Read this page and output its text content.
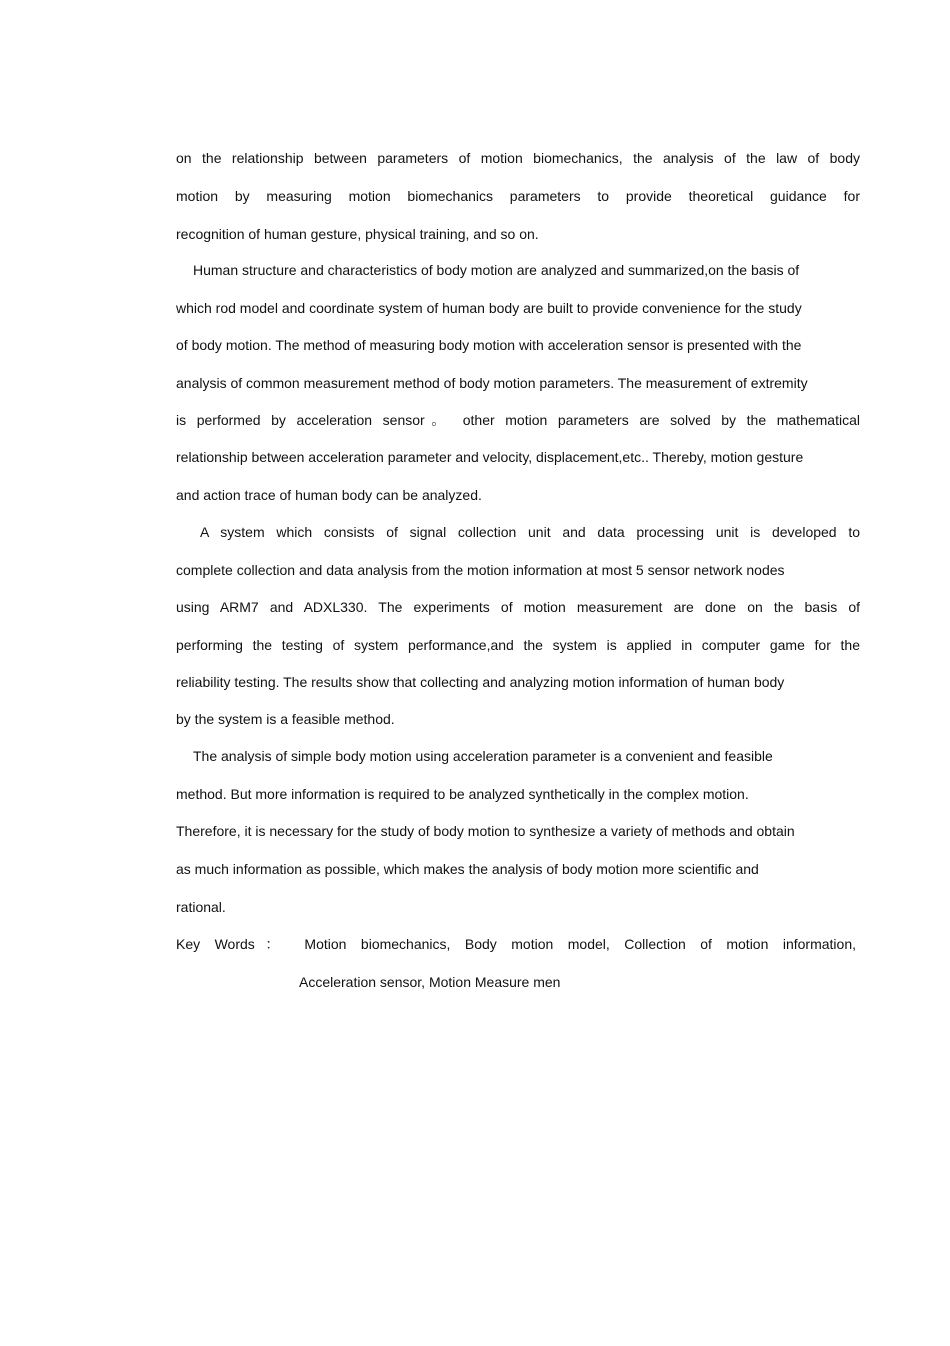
on the relationship between parameters of motion biomechanics, the analysis of the law of body
motion by measuring motion biomechanics parameters to provide theoretical guidance for
recognition of human gesture, physical training, and so on.
Human structure and characteristics of body motion are analyzed and summarized,on the basis of
which rod model and coordinate system of human body are built to provide convenience for the study
of body motion. The method of measuring body motion with acceleration sensor is presented with the
analysis of common measurement method of body motion parameters. The measurement of extremity
is performed by acceleration sensor。 other motion parameters are solved by the mathematical
relationship between acceleration parameter and velocity, displacement,etc.. Thereby, motion gesture
and action trace of human body can be analyzed.
A system which consists of signal collection unit and data processing unit is developed to
complete collection and data analysis from the motion information at most 5 sensor network nodes
using ARM7 and ADXL330. The experiments of motion measurement are done on the basis of
performing the testing of system performance,and the system is applied in computer game for the
reliability testing. The results show that collecting and analyzing motion information of human body
by the system is a feasible method.
The analysis of simple body motion using acceleration parameter is a convenient and feasible
method. But more information is required to be analyzed synthetically in the complex motion.
Therefore, it is necessary for the study of body motion to synthesize a variety of methods and obtain
as much information as possible, which makes the analysis of body motion more scientific and
rational.
Key Words： Motion biomechanics, Body motion model, Collection of motion information,
Acceleration sensor, Motion Measure men
